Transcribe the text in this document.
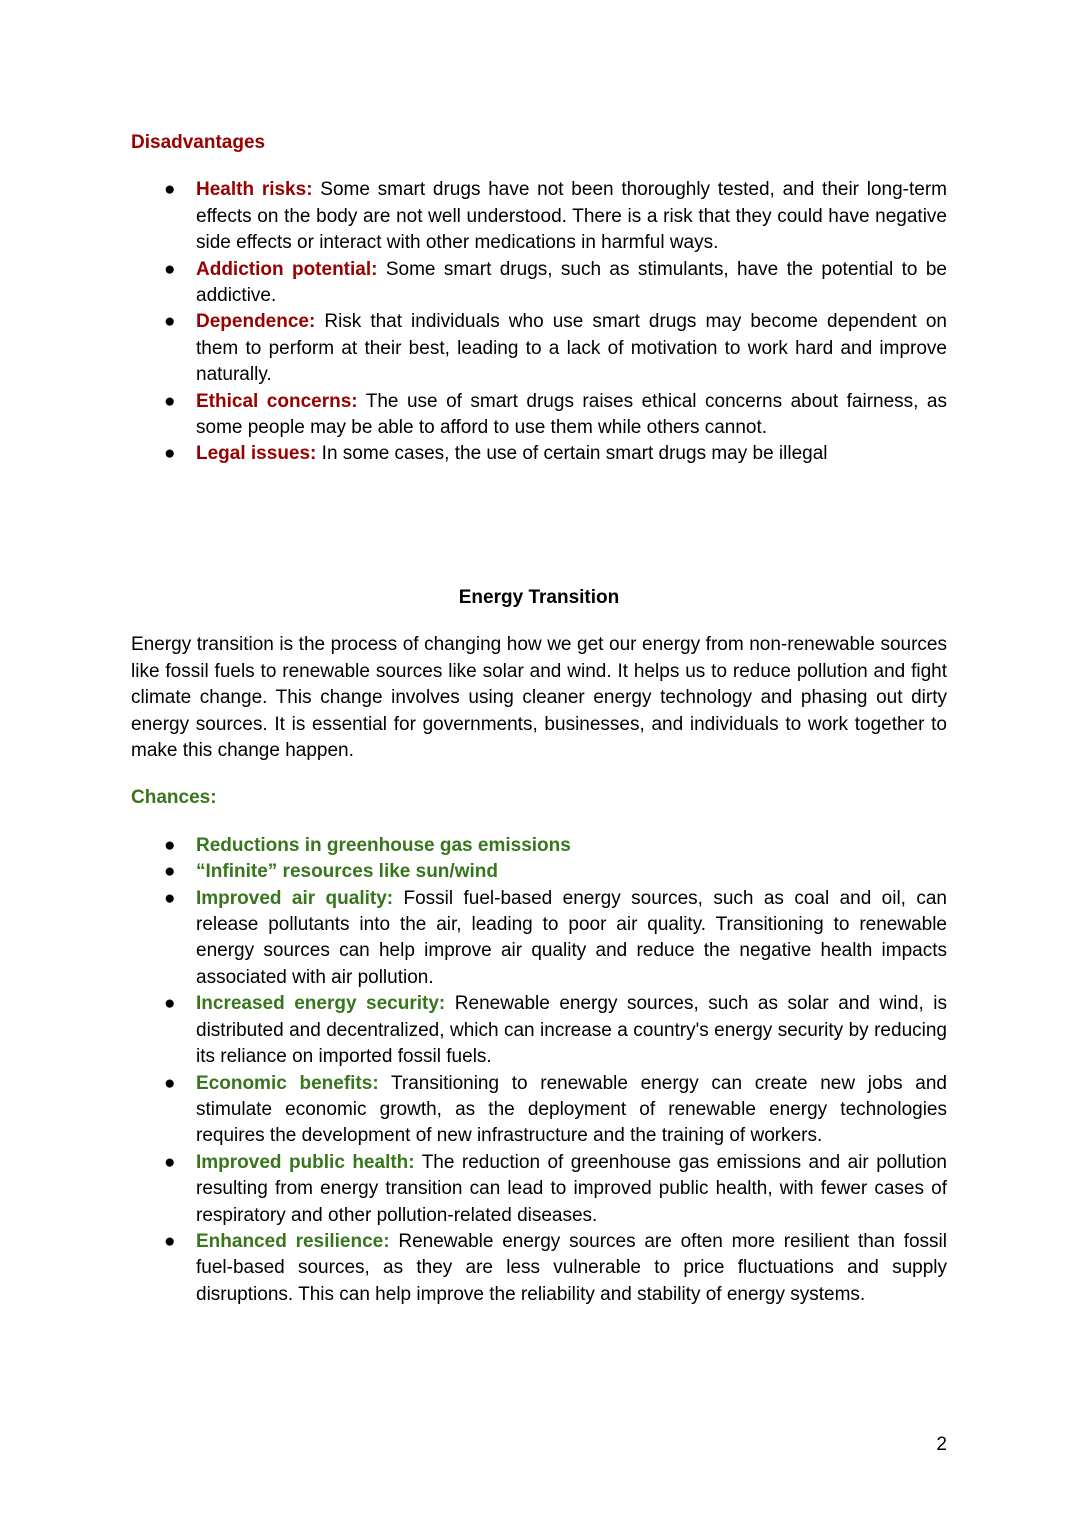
Disadvantages
● Health risks: Some smart drugs have not been thoroughly tested, and their long-term effects on the body are not well understood. There is a risk that they could have negative side effects or interact with other medications in harmful ways.
● Addiction potential: Some smart drugs, such as stimulants, have the potential to be addictive.
● Dependence: Risk that individuals who use smart drugs may become dependent on them to perform at their best, leading to a lack of motivation to work hard and improve naturally.
● Ethical concerns: The use of smart drugs raises ethical concerns about fairness, as some people may be able to afford to use them while others cannot.
● Legal issues: In some cases, the use of certain smart drugs may be illegal
Energy Transition

Energy transition is the process of changing how we get our energy from non-renewable sources like fossil fuels to renewable sources like solar and wind. It helps us to reduce pollution and fight climate change. This change involves using cleaner energy technology and phasing out dirty energy sources. It is essential for governments, businesses, and individuals to work together to make this change happen.

Chances:
● Reductions in greenhouse gas emissions
● “Infinite” resources like sun/wind
● Improved air quality: Fossil fuel-based energy sources, such as coal and oil, can release pollutants into the air, leading to poor air quality. Transitioning to renewable energy sources can help improve air quality and reduce the negative health impacts associated with air pollution.
● Increased energy security: Renewable energy sources, such as solar and wind, is distributed and decentralized, which can increase a country's energy security by reducing its reliance on imported fossil fuels.
● Economic benefits: Transitioning to renewable energy can create new jobs and stimulate economic growth, as the deployment of renewable energy technologies requires the development of new infrastructure and the training of workers.
● Improved public health: The reduction of greenhouse gas emissions and air pollution resulting from energy transition can lead to improved public health, with fewer cases of respiratory and other pollution-related diseases.
● Enhanced resilience: Renewable energy sources are often more resilient than fossil fuel-based sources, as they are less vulnerable to price fluctuations and supply disruptions. This can help improve the reliability and stability of energy systems.
2
